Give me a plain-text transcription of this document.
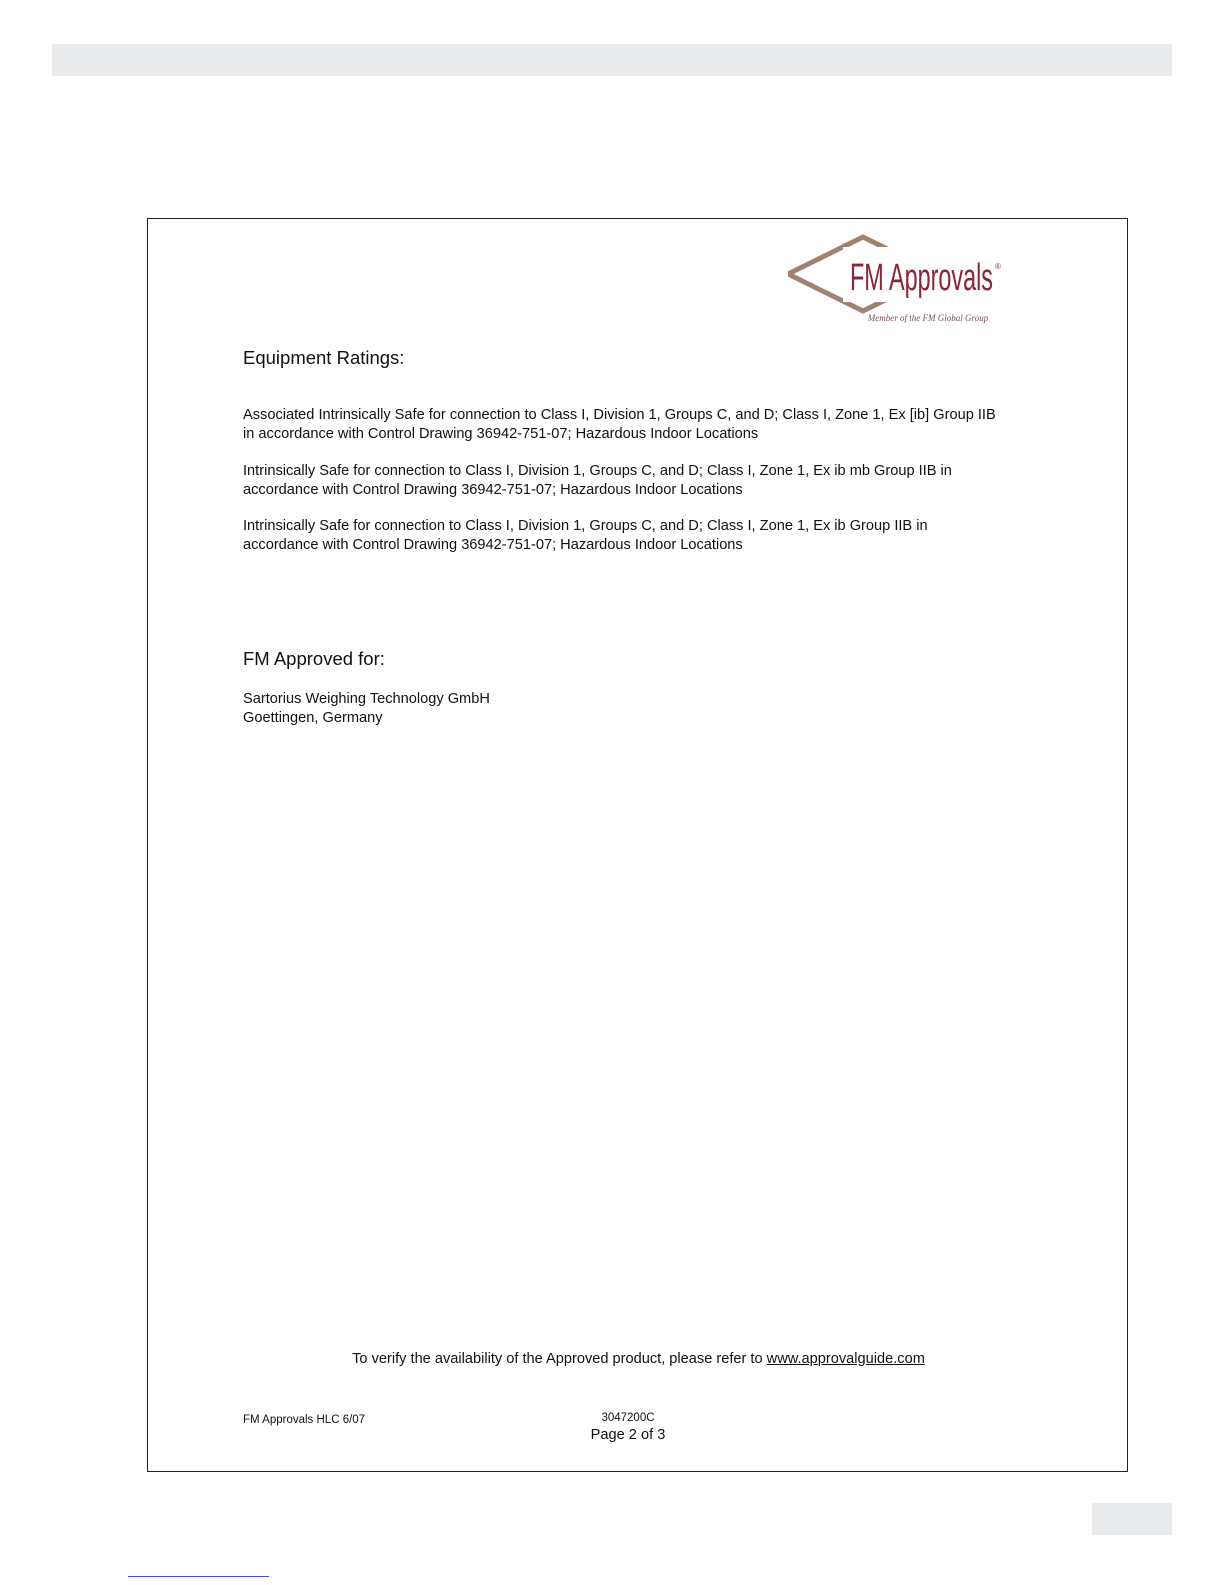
FM Approvals ®
Member of the FM Global Group
Equipment Ratings:
Associated Intrinsically Safe for connection to Class I, Division 1, Groups C, and D; Class I, Zone 1, Ex [ib] Group IIB in accordance with Control Drawing 36942-751-07; Hazardous Indoor Locations
Intrinsically Safe for connection to Class I, Division 1, Groups C, and D; Class I, Zone 1, Ex ib mb Group IIB in accordance with Control Drawing 36942-751-07; Hazardous Indoor Locations
Intrinsically Safe for connection to Class I, Division 1, Groups C, and D; Class I, Zone 1, Ex ib Group IIB in accordance with Control Drawing 36942-751-07; Hazardous Indoor Locations
FM Approved for:
Sartorius Weighing Technology GmbH
Goettingen, Germany
To verify the availability of the Approved product, please refer to www.approvalguide.com
FM Approvals HLC 6/07	3047200C
Page 2 of 3
